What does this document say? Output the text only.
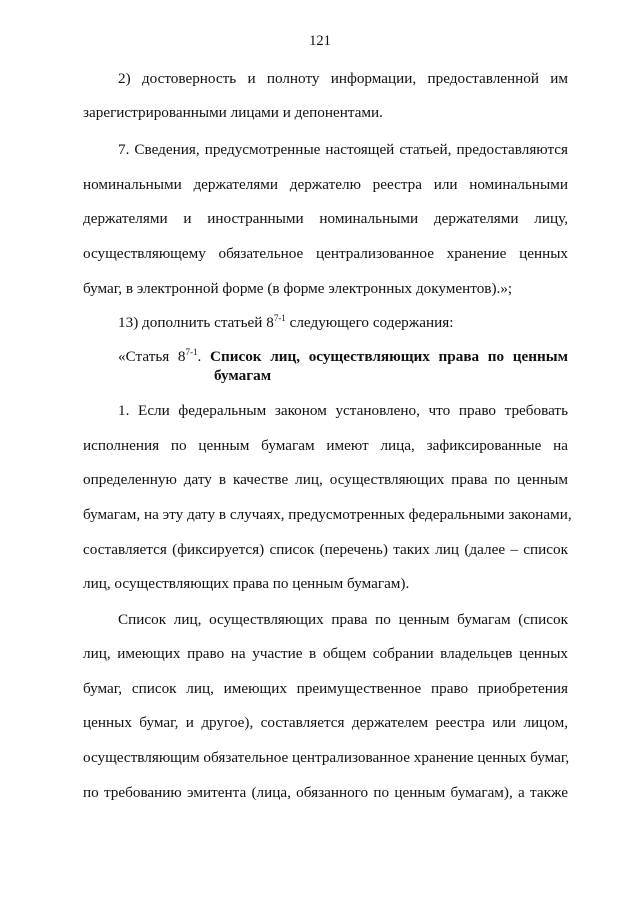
121
2) достоверность и полноту информации, предоставленной им
зарегистрированными лицами и депонентами.
7. Сведения, предусмотренные настоящей статьей, предоставляются
номинальными держателями держателю реестра или номинальными
держателями и иностранными номинальными держателями лицу,
осуществляющему обязательное централизованное хранение ценных
бумаг, в электронной форме (в форме электронных документов).»;
13) дополнить статьей 8$^{7-1}$ следующего содержания:
«Статья 8$^{7-1}$. Список лиц, осуществляющих права по ценным
бумагам
1. Если федеральным законом установлено, что право требовать
исполнения по ценным бумагам имеют лица, зафиксированные на
определенную дату в качестве лиц, осуществляющих права по ценным
бумагам, на эту дату в случаях, предусмотренных федеральными законами,
составляется (фиксируется) список (перечень) таких лиц (далее – список
лиц, осуществляющих права по ценным бумагам).
Список лиц, осуществляющих права по ценным бумагам (список
лиц, имеющих право на участие в общем собрании владельцев ценных
бумаг, список лиц, имеющих преимущественное право приобретения
ценных бумаг, и другое), составляется держателем реестра или лицом,
осуществляющим обязательное централизованное хранение ценных бумаг,
по требованию эмитента (лица, обязанного по ценным бумагам), а также
